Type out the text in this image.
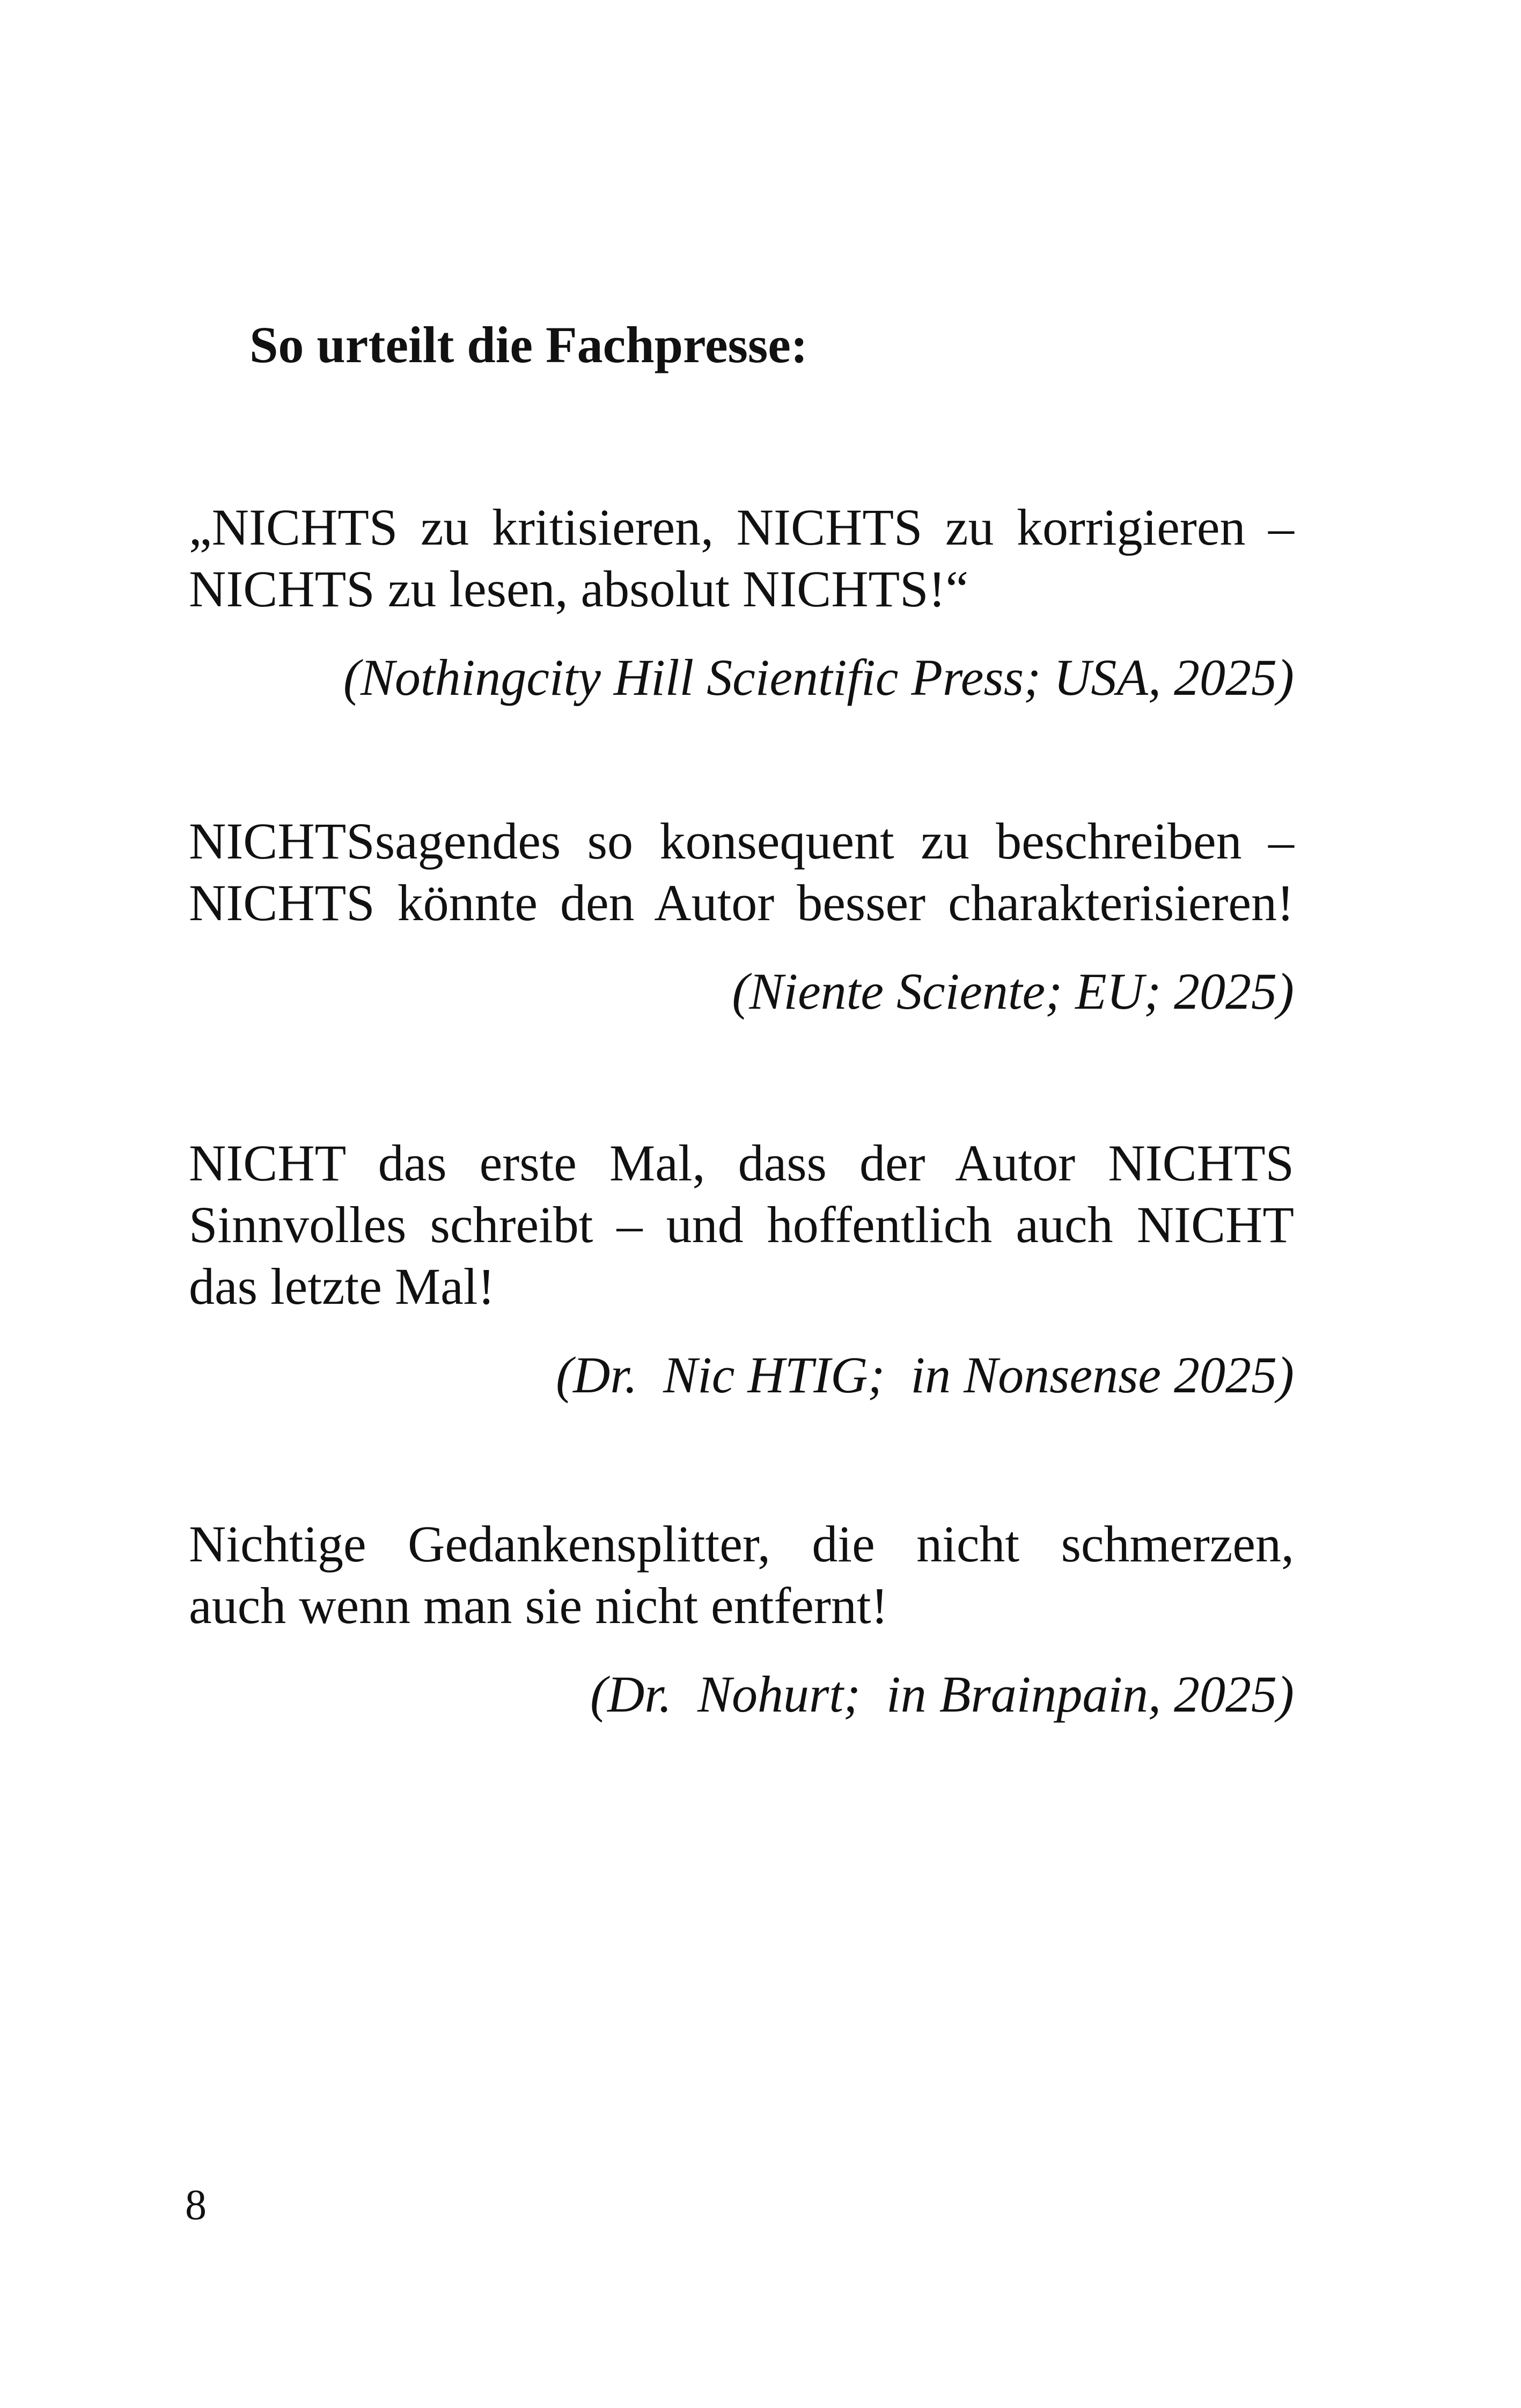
So urteilt die Fachpresse:
„NICHTS zu kritisieren, NICHTS zu korrigieren –
NICHTS zu lesen, absolut NICHTS!“
(Nothingcity Hill Scientific Press; USA, 2025)
NICHTSsagendes so konsequent zu beschreiben –
NICHTS könnte den Autor besser charakterisieren!
(Niente Sciente; EU; 2025)
NICHT das erste Mal, dass der Autor NICHTS
Sinnvolles schreibt – und hoffentlich auch NICHT
das letzte Mal!
(Dr.  Nic HTIG;  in Nonsense 2025)
Nichtige Gedankensplitter, die nicht schmerzen,
auch wenn man sie nicht entfernt!
(Dr.  Nohurt;  in Brainpain, 2025)
8
